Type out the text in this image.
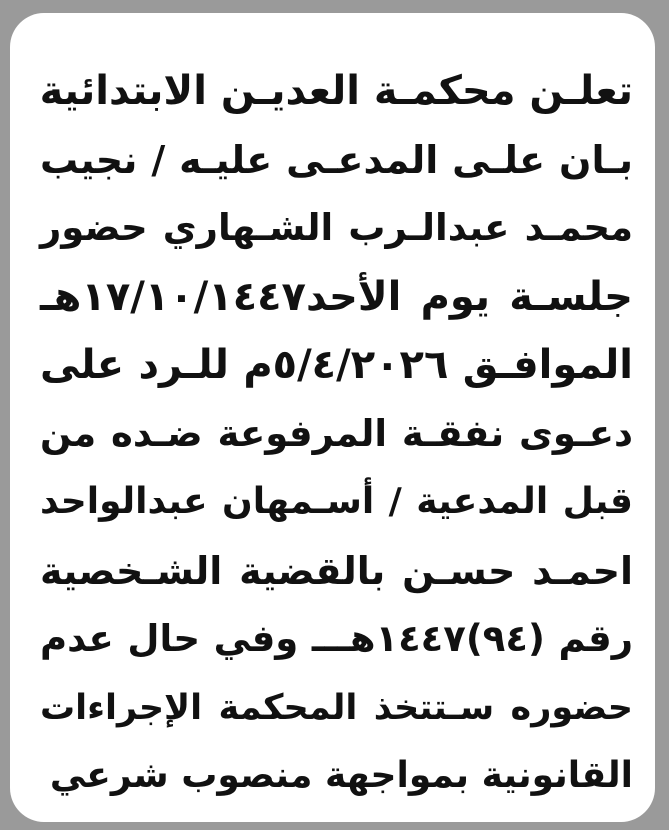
تعلـن محكمـة العديـن الابتدائية
بـان علـى المدعـى عليـه / نجيب
محمـد عبدالـرب الشـهاري حضور
جلسـة يوم الأحد١٧/١٠/١٤٤٧هـ
الموافـق ٥/٤/٢٠٢٦م للـرد على
دعـوى نفقـة المرفوعة ضـده من
قبل المدعية / أسـمهان عبدالواحد
احمـد حسـن بالقضية الشـخصية
رقم (٩٤)١٤٤٧هـــ وفي حال عدم
حضوره سـتتخذ المحكمة الإجراءات
القانونية بمواجهة منصوب شرعي
